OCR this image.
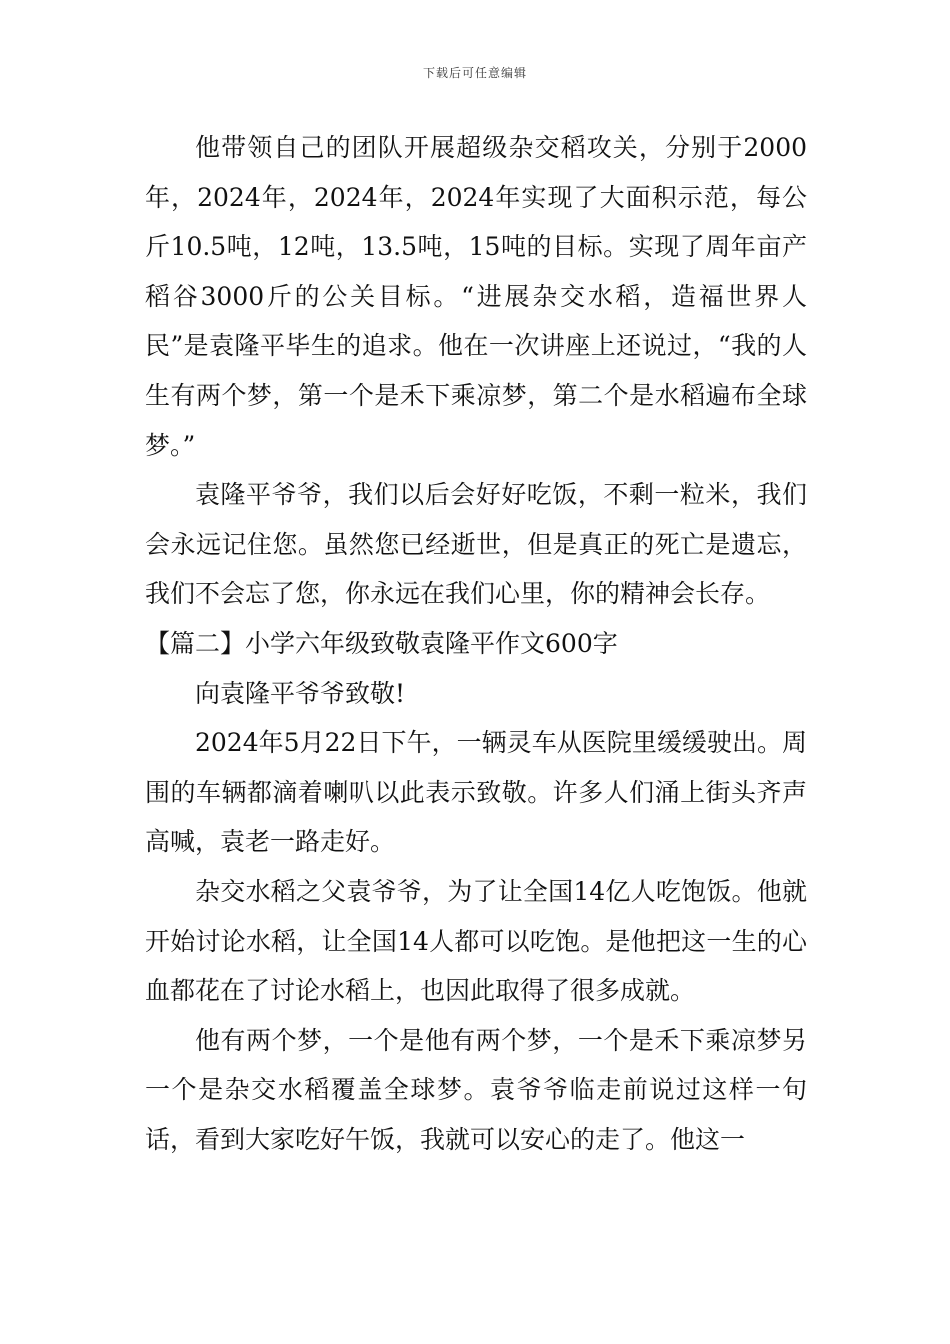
下载后可任意编辑

他带领自己的团队开展超级杂交稻攻关，分别于2000年，2024年，2024年，2024年实现了大面积示范，每公斤10.5吨，12吨，13.5吨，15吨的目标。实现了周年亩产稻谷3000斤的公关目标。“进展杂交水稻，造福世界人民”是袁隆平毕生的追求。他在一次讲座上还说过，“我的人生有两个梦，第一个是禾下乘凉梦，第二个是水稻遍布全球梦。”

袁隆平爷爷，我们以后会好好吃饭，不剩一粒米，我们会永远记住您。虽然您已经逝世，但是真正的死亡是遗忘，我们不会忘了您，你永远在我们心里，你的精神会长存。

【篇二】小学六年级致敬袁隆平作文600字

向袁隆平爷爷致敬!

2024年5月22日下午，一辆灵车从医院里缓缓驶出。周围的车辆都滴着喇叭以此表示致敬。许多人们涌上街头齐声高喊，袁老一路走好。

杂交水稻之父袁爷爷，为了让全国14亿人吃饱饭。他就开始讨论水稻，让全国14人都可以吃饱。是他把这一生的心血都花在了讨论水稻上，也因此取得了很多成就。

他有两个梦，一个是他有两个梦，一个是禾下乘凉梦另一个是杂交水稻覆盖全球梦。袁爷爷临走前说过这样一句话，看到大家吃好午饭，我就可以安心的走了。他这一
